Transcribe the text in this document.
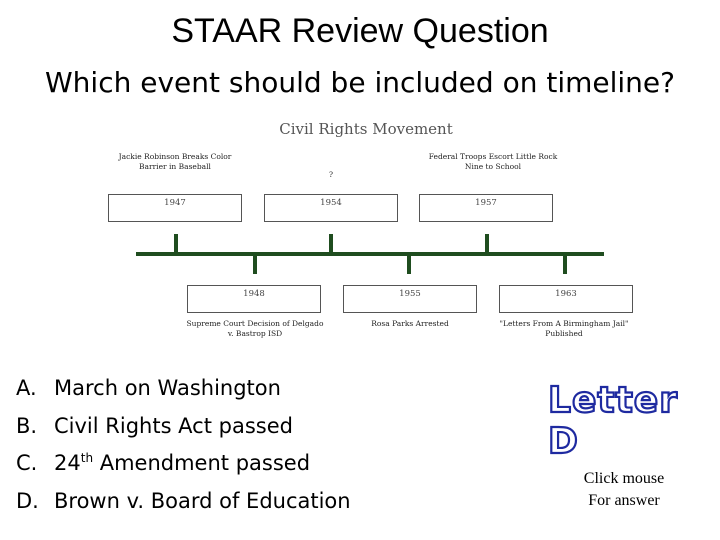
STAAR Review Question
Which event should be included on timeline?
Civil Rights Movement
Jackie Robinson Breaks Color
Barrier in Baseball
?
Federal Troops Escort Little Rock
Nine to School
1947	1954	1957
1948	1955	1963
Supreme Court Decision of Delgado
v. Bastrop ISD
Rosa Parks Arrested	"Letters From A Birmingham Jail"
Published
A. March on Washington
B. Civil Rights Act passed
C. 24th Amendment passed
D. Brown v. Board of Education
Letter D
Click mouse
For answer
